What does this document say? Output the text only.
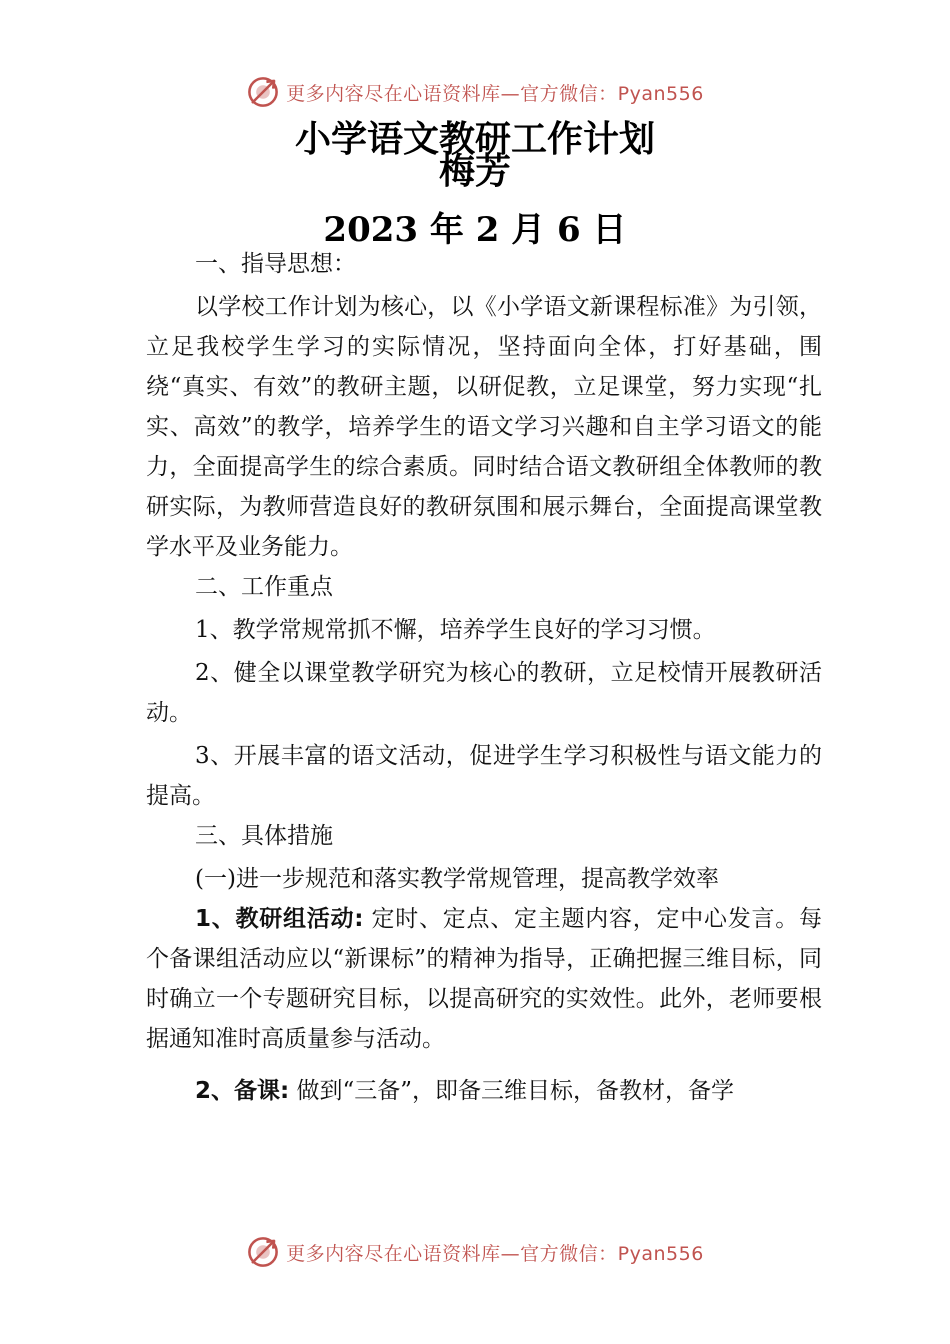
更多内容尽在心语资料库—官方微信：Pyan556
小学语文教研工作计划
梅芳
2023 年 2 月 6 日

一、指导思想：

以学校工作计划为核心，以《小学语文新课程标准》为引领，立足我校学生学习的实际情况，坚持面向全体，打好基础，围绕“真实、有效”的教研主题，以研促教，立足课堂，努力实现“扎实、高效”的教学，培养学生的语文学习兴趣和自主学习语文的能力，全面提高学生的综合素质。同时结合语文教研组全体教师的教研实际，为教师营造良好的教研氛围和展示舞台，全面提高课堂教学水平及业务能力。

二、工作重点

1、教学常规常抓不懈，培养学生良好的学习习惯。

2、健全以课堂教学研究为核心的教研，立足校情开展教研活动。

3、开展丰富的语文活动，促进学生学习积极性与语文能力的提高。

三、具体措施

(一)进一步规范和落实教学常规管理，提高教学效率

1、教研组活动: 定时、定点、定主题内容，定中心发言。每个备课组活动应以“新课标”的精神为指导，正确把握三维目标，同时确立一个专题研究目标，以提高研究的实效性。此外，老师要根据通知准时高质量参与活动。

2、备课: 做到“三备”，即备三维目标，备教材，备学

更多内容尽在心语资料库—官方微信：Pyan556
